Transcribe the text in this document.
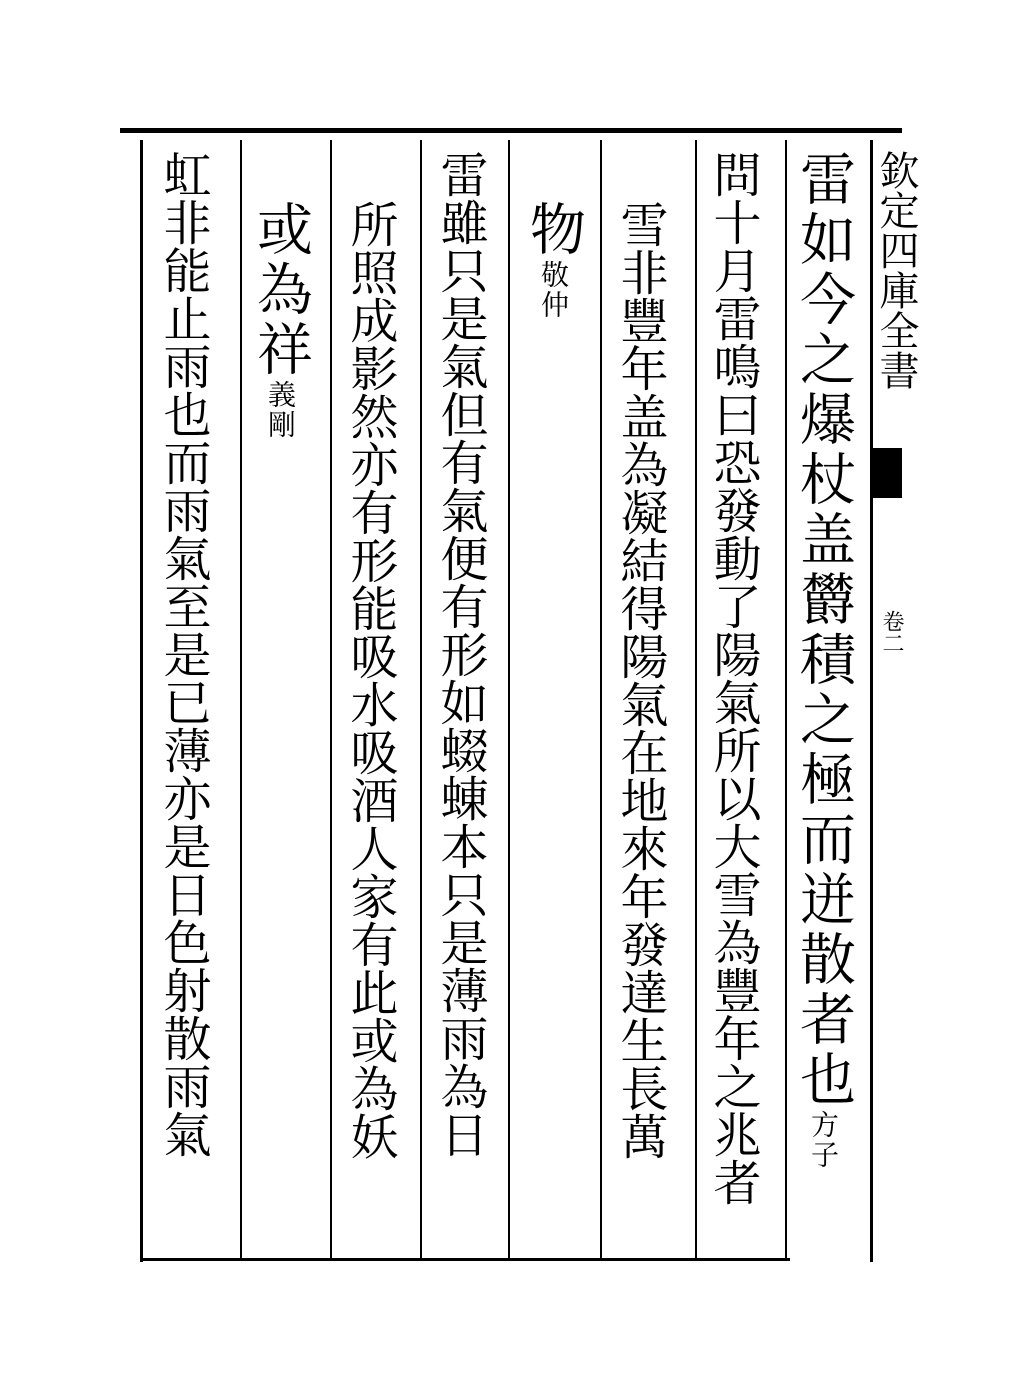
欽定四庫全書
卷二
雷如今之爆杖盖欝積之極而迸散者也方子
問十月雷鳴曰恐發動了陽氣所以大雪為豐年之兆者
雪非豐年盖為凝結得陽氣在地來年發達生長萬
物敬仲
雷雖只是氣但有氣便有形如蝃蝀本只是薄雨為日
所照成影然亦有形能吸水吸酒人家有此或為妖
或為祥義剛
虹非能止雨也而雨氣至是已薄亦是日色射散雨氣
